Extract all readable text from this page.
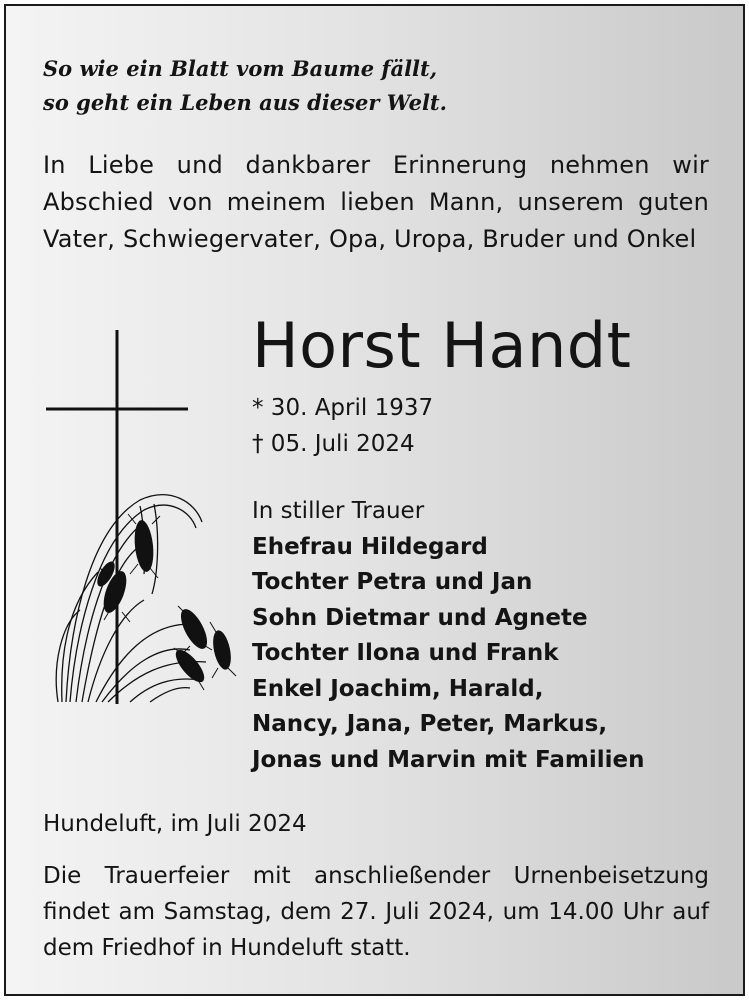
So wie ein Blatt vom Baume fällt,
so geht ein Leben aus dieser Welt.
In Liebe und dankbarer Erinnerung nehmen wir Abschied von meinem lieben Mann, unserem guten Vater, Schwiegervater, Opa, Uropa, Bruder und Onkel
Horst Handt
* 30. April 1937
† 05. Juli 2024
In stiller Trauer
Ehefrau Hildegard
Tochter Petra und Jan
Sohn Dietmar und Agnete
Tochter Ilona und Frank
Enkel Joachim, Harald,
Nancy, Jana, Peter, Markus,
Jonas und Marvin mit Familien
Hundeluft, im Juli 2024
Die Trauerfeier mit anschließender Urnenbeisetzung findet am Samstag, dem 27. Juli 2024, um 14.00 Uhr auf dem Friedhof in Hundeluft statt.
